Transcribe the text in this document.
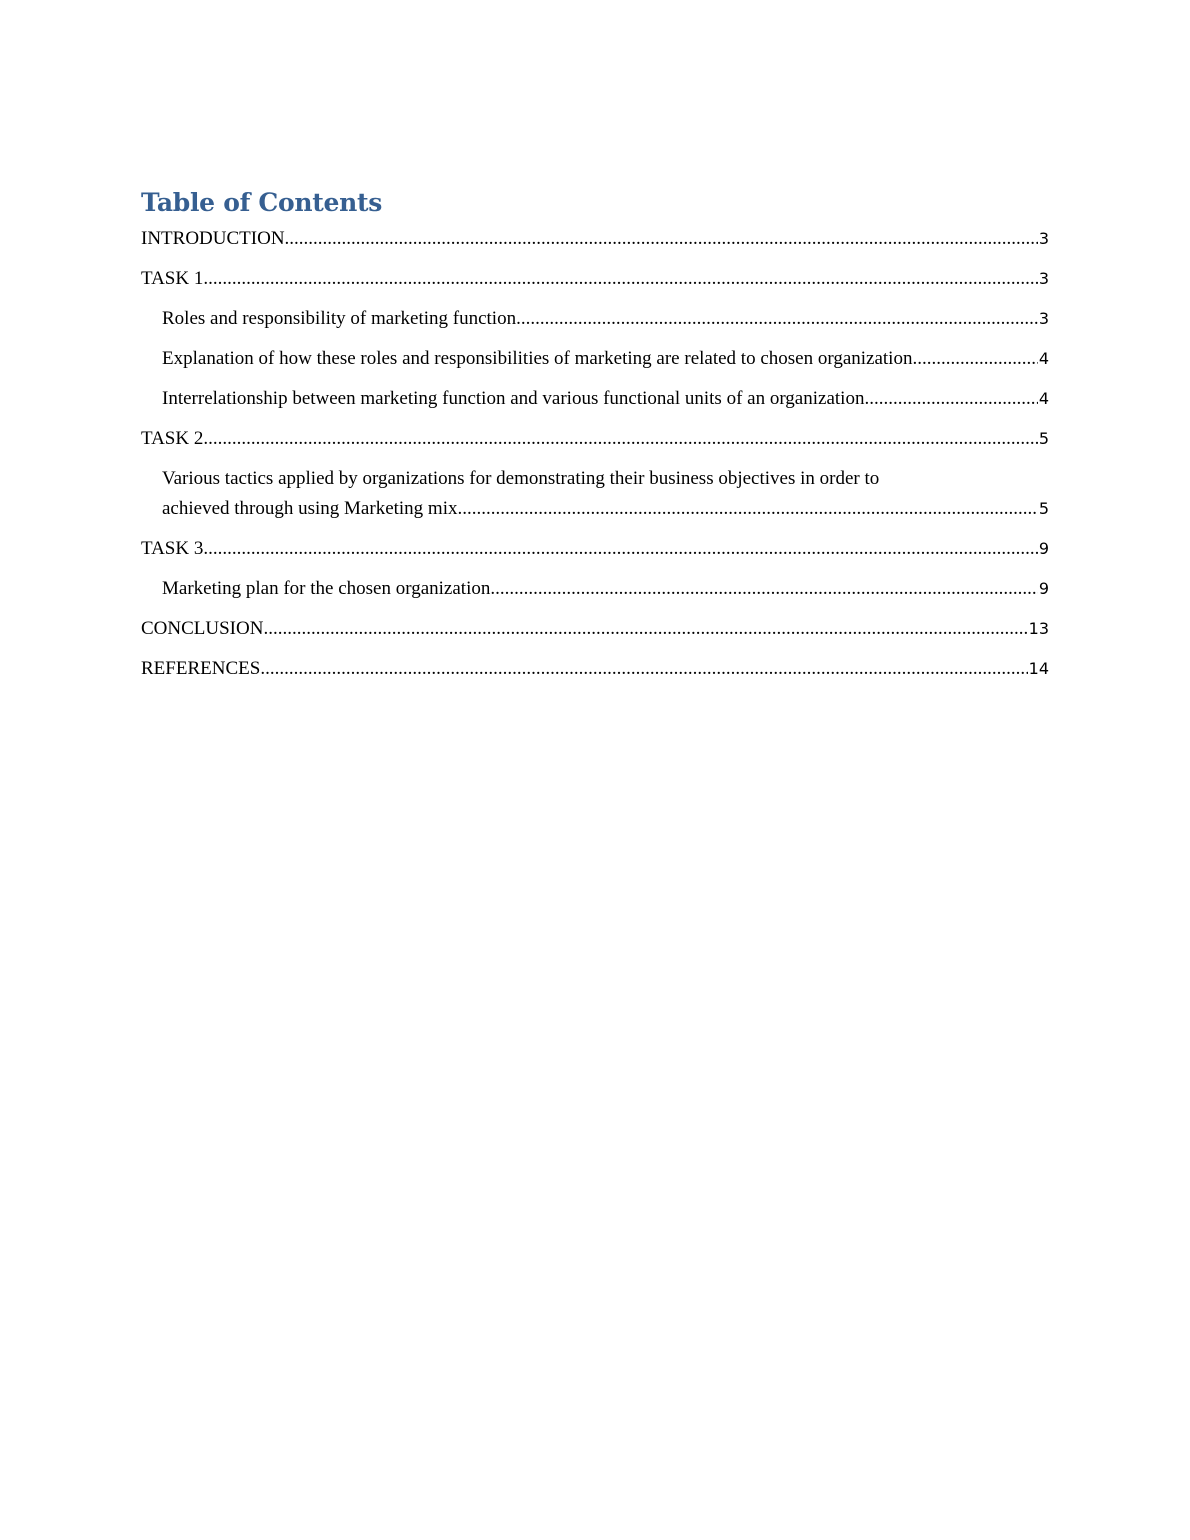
Table of Contents
INTRODUCTION .....	3
TASK 1 .....	3
Roles and responsibility of marketing function .....	3
Explanation of how these roles and responsibilities of marketing are related to chosen organization .....	4
Interrelationship between marketing function and various functional units of an organization .....	4
TASK 2 .....	5
Various tactics applied by organizations for demonstrating their business objectives in order to
achieved through using Marketing mix .....	5
TASK 3 .....	9
Marketing plan for the chosen organization .....	9
CONCLUSION .....	13
REFERENCES .....	14
